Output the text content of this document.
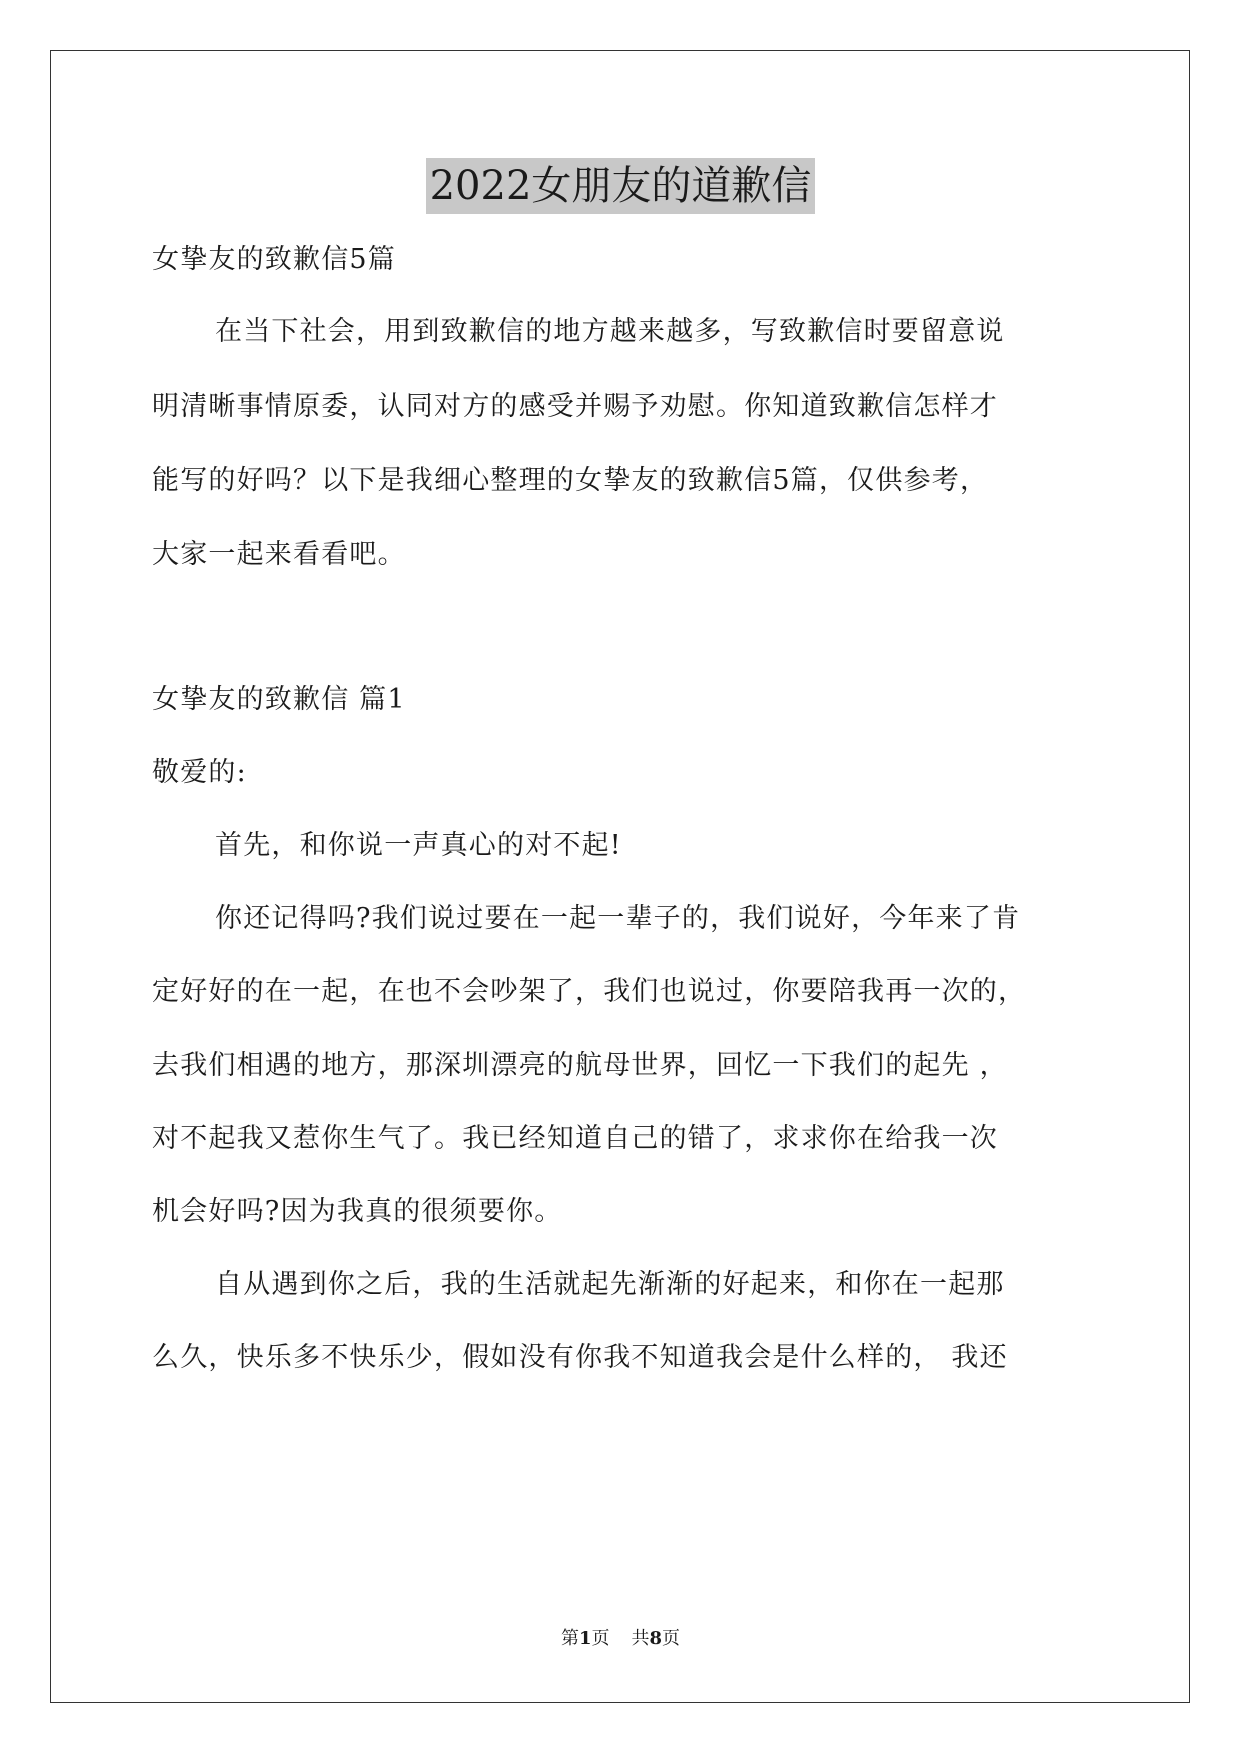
2022女朋友的道歉信
女挚友的致歉信5篇
在当下社会，用到致歉信的地方越来越多，写致歉信时要留意说
明清晰事情原委，认同对方的感受并赐予劝慰。你知道致歉信怎样才
能写的好吗？以下是我细心整理的女挚友的致歉信5篇，仅供参考，
大家一起来看看吧。
女挚友的致歉信 篇1
敬爱的:
首先，和你说一声真心的对不起!
你还记得吗?我们说过要在一起一辈子的，我们说好，今年来了肯
定好好的在一起，在也不会吵架了，我们也说过，你要陪我再一次的，
去我们相遇的地方，那深圳漂亮的航母世界，回忆一下我们的起先 ，
对不起我又惹你生气了。我已经知道自己的错了，求求你在给我一次
机会好吗?因为我真的很须要你。
自从遇到你之后，我的生活就起先渐渐的好起来，和你在一起那
么久，快乐多不快乐少，假如没有你我不知道我会是什么样的， 我还
第1页 共8页
